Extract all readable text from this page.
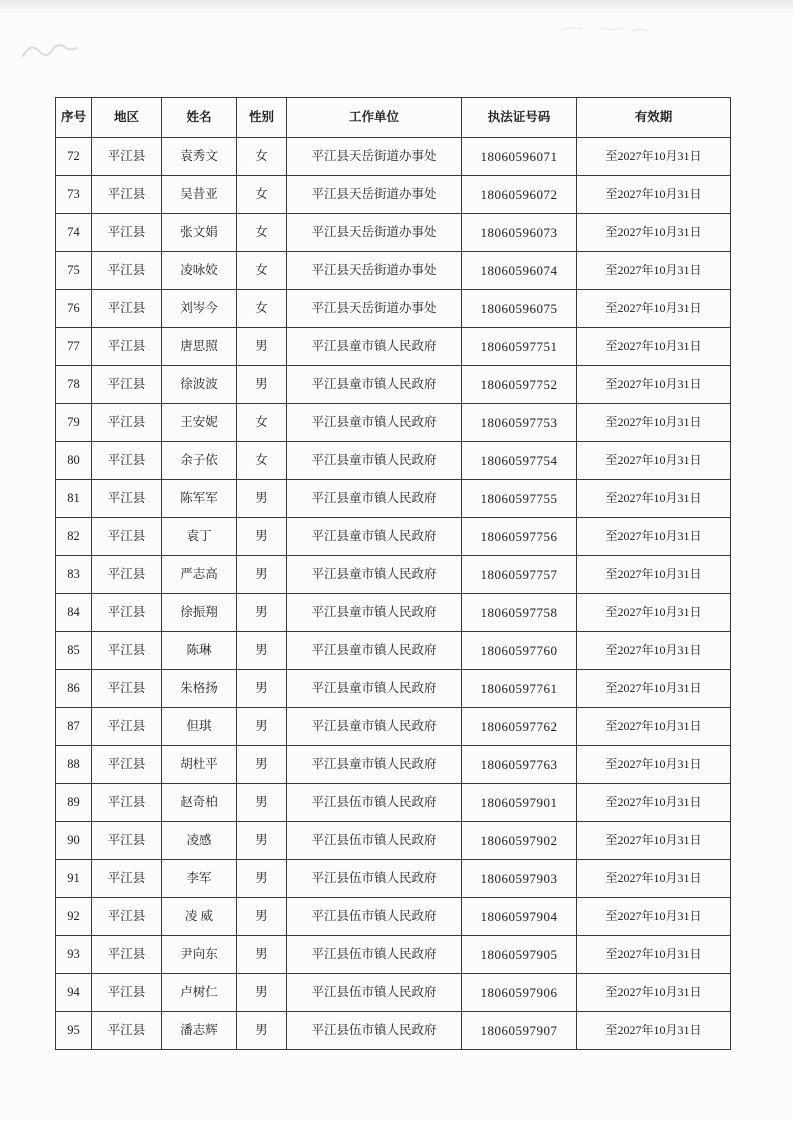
序号	地区	姓名	性别	工作单位	执法证号码	有效期
72	平江县	袁秀文	女	平江县天岳街道办事处	18060596071	至2027年10月31日
73	平江县	吴昔亚	女	平江县天岳街道办事处	18060596072	至2027年10月31日
74	平江县	张文娟	女	平江县天岳街道办事处	18060596073	至2027年10月31日
75	平江县	凌咏姣	女	平江县天岳街道办事处	18060596074	至2027年10月31日
76	平江县	刘岑今	女	平江县天岳街道办事处	18060596075	至2027年10月31日
77	平江县	唐思照	男	平江县童市镇人民政府	18060597751	至2027年10月31日
78	平江县	徐波波	男	平江县童市镇人民政府	18060597752	至2027年10月31日
79	平江县	王安妮	女	平江县童市镇人民政府	18060597753	至2027年10月31日
80	平江县	余子依	女	平江县童市镇人民政府	18060597754	至2027年10月31日
81	平江县	陈军军	男	平江县童市镇人民政府	18060597755	至2027年10月31日
82	平江县	袁丁	男	平江县童市镇人民政府	18060597756	至2027年10月31日
83	平江县	严志高	男	平江县童市镇人民政府	18060597757	至2027年10月31日
84	平江县	徐振翔	男	平江县童市镇人民政府	18060597758	至2027年10月31日
85	平江县	陈琳	男	平江县童市镇人民政府	18060597760	至2027年10月31日
86	平江县	朱格扬	男	平江县童市镇人民政府	18060597761	至2027年10月31日
87	平江县	但琪	男	平江县童市镇人民政府	18060597762	至2027年10月31日
88	平江县	胡杜平	男	平江县童市镇人民政府	18060597763	至2027年10月31日
89	平江县	赵奇柏	男	平江县伍市镇人民政府	18060597901	至2027年10月31日
90	平江县	凌感	男	平江县伍市镇人民政府	18060597902	至2027年10月31日
91	平江县	李军	男	平江县伍市镇人民政府	18060597903	至2027年10月31日
92	平江县	凌 威	男	平江县伍市镇人民政府	18060597904	至2027年10月31日
93	平江县	尹向东	男	平江县伍市镇人民政府	18060597905	至2027年10月31日
94	平江县	卢树仁	男	平江县伍市镇人民政府	18060597906	至2027年10月31日
95	平江县	潘志辉	男	平江县伍市镇人民政府	18060597907	至2027年10月31日
